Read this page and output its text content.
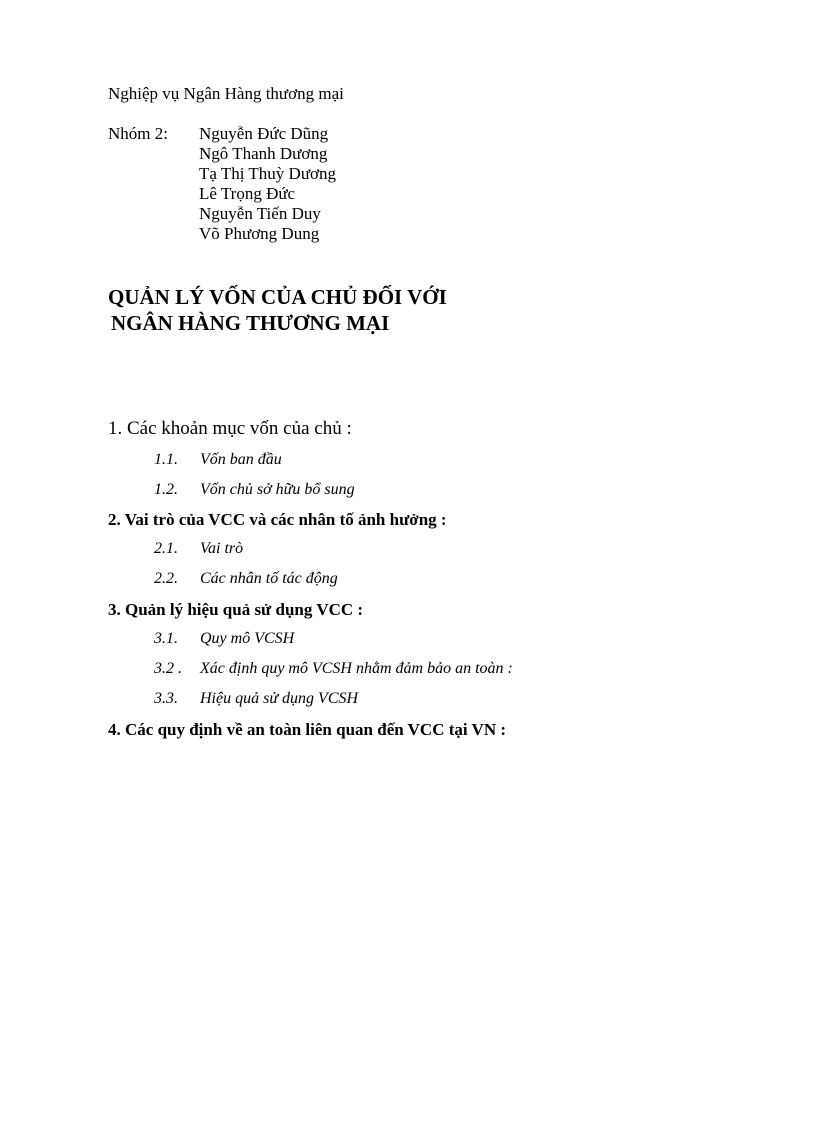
Nghiệp vụ Ngân Hàng thương mại
Nhóm 2: Nguyễn Đức Dũng
Ngô Thanh Dương
Tạ Thị Thuỳ Dương
Lê Trọng Đức
Nguyễn Tiến Duy
Võ Phương Dung
QUẢN LÝ VỐN CỦA CHỦ ĐỐI VỚI
NGÂN HÀNG THƯƠNG MẠI
1. Các khoản mục vốn của chủ :
1.1. Vốn ban đầu
1.2. Vốn chủ sở hữu bổ sung
2. Vai trò của VCC và các nhân tố ảnh hưởng :
2.1. Vai trò
2.2. Các nhân tố tác động
3. Quản lý hiệu quả sử dụng VCC :
3.1. Quy mô VCSH
3.2 . Xác định quy mô VCSH nhằm đảm bảo an toàn :
3.3. Hiệu quả sử dụng VCSH
4. Các quy định về an toàn liên quan đến VCC tại VN :
